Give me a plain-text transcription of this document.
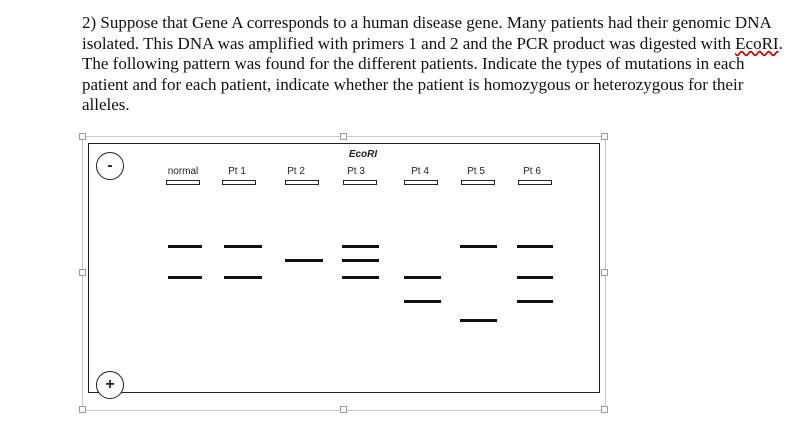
2) Suppose that Gene A corresponds to a human disease gene. Many patients had their genomic DNA isolated. This DNA was amplified with primers 1 and 2 and the PCR product was digested with EcoRI. The following pattern was found for the different patients. Indicate the types of mutations in each patient and for each patient, indicate whether the patient is homozygous or heterozygous for their alleles.

-
+
EcoRI
normal	Pt 1	Pt 2	Pt 3	Pt 4	Pt 5	Pt 6
